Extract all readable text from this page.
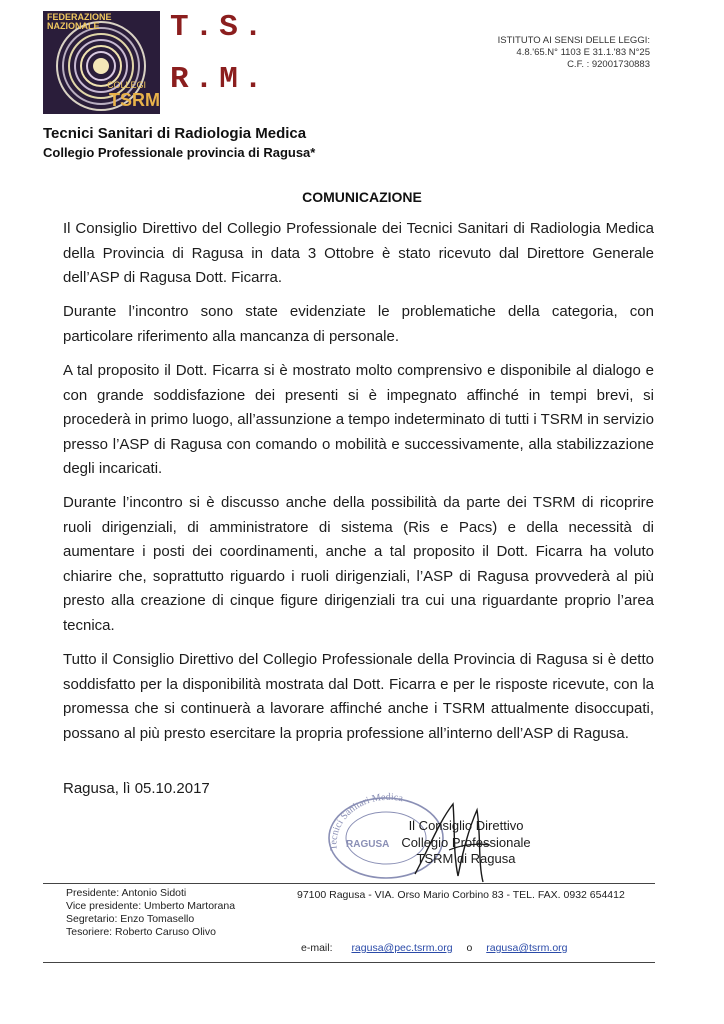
FEDERAZIONE NAZIONALE
COLLEGI
TSRM
T.S.
R.M.
ISTITUTO AI SENSI DELLE LEGGI:
4.8.'65.N° 1103 E 31.1.'83 N°25
C.F. : 92001730883
Tecnici Sanitari di Radiologia Medica
Collegio Professionale provincia di Ragusa*
COMUNICAZIONE

Il Consiglio Direttivo del Collegio Professionale dei Tecnici Sanitari di Radiologia Medica della Provincia di Ragusa in data 3 Ottobre è stato ricevuto dal Direttore Generale dell’ASP di Ragusa Dott. Ficarra.

Durante l’incontro sono state evidenziate le problematiche della categoria, con particolare riferimento alla mancanza di personale.

A tal proposito il Dott. Ficarra si è mostrato molto comprensivo e disponibile al dialogo e con grande soddisfazione dei presenti si è impegnato affinché in tempi brevi, si procederà in primo luogo, all’assunzione a tempo indeterminato di tutti i TSRM in servizio presso l’ASP di Ragusa con comando o mobilità e successivamente, alla stabilizzazione degli incaricati.

Durante l’incontro si è discusso anche della possibilità da parte dei TSRM di ricoprire ruoli dirigenziali, di amministratore di sistema (Ris e Pacs) e della necessità di aumentare i posti dei coordinamenti, anche a tal proposito il Dott. Ficarra ha voluto chiarire che, soprattutto riguardo i ruoli dirigenziali, l’ASP di Ragusa provvederà al più presto alla creazione di cinque figure dirigenziali tra cui una riguardante proprio l’area tecnica.

Tutto il Consiglio Direttivo del Collegio Professionale della Provincia di Ragusa si è detto soddisfatto per la disponibilità mostrata dal Dott. Ficarra e per le risposte ricevute, con la promessa che si continuerà a lavorare affinché anche i TSRM attualmente disoccupati, possano al più presto esercitare la propria professione all’interno dell’ASP di Ragusa.

Ragusa, lì 05.10.2017
Tecnici Sanitari Medica
RAGUSA
Il Consiglio Direttivo
Collegio Professionale
TSRM di Ragusa
Presidente: Antonio Sidoti
Vice presidente: Umberto Martorana
Segretario: Enzo Tomasello
Tesoriere: Roberto Caruso Olivo
97100 Ragusa - VIA. Orso Mario Corbino 83 - TEL. FAX. 0932 654412
e-mail: ragusa@pec.tsrm.org o ragusa@tsrm.org
